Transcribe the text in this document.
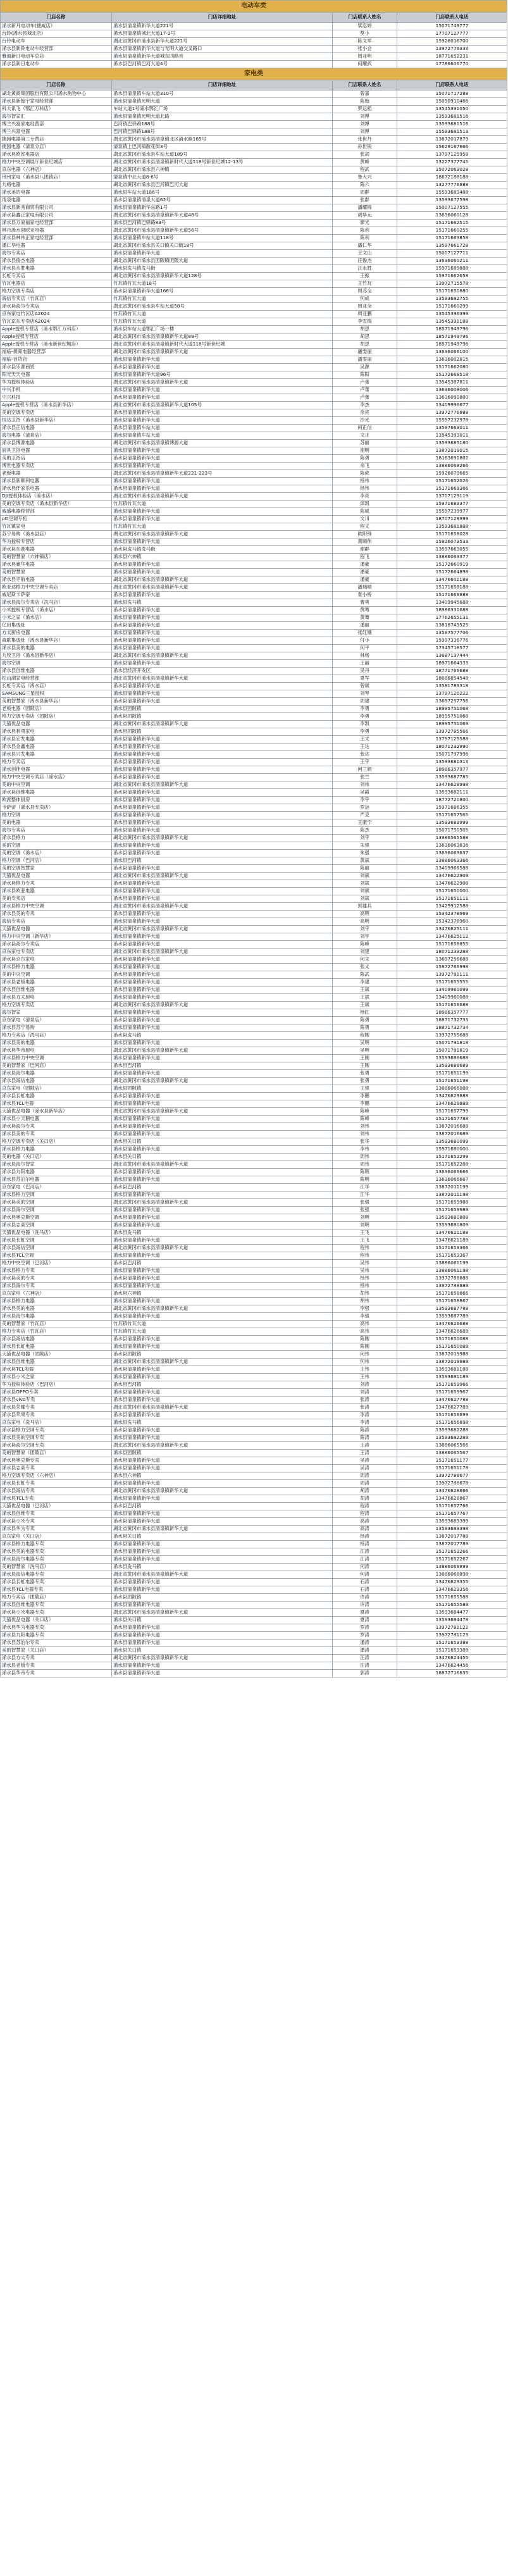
电动车类			
门店名称	门店详细地址	门店联系人姓名	门店联系人电话
浠水新月电动车(捷威店）	浠水县清泉镇新华大道221号	梁忍婷	15071749777
台铃(浠水县城北店)	浠水县清泉镇城北大道17-2号	莫小	17707127777
台铃电动车	湖北省黄冈市浠水县新华大道221号	陈文军	15926016700
浠水县新铃电动车经营部	浠水县清泉镇新华大道与光明大道交叉路口	张小会	13972776333
雅迪新日电动车总店	浠水县清泉镇新华大道城东四路首	周亚明	18771652231
浠水县新日电动车	浠水县巴河镇巴河大道4号	何耀武	17786606770
家电类			
门店名称	门店详细地址	门店联系人姓名	门店联系人电话
湖北黄商集团股份有限公司浠水购物中心	浠水县清泉镇车站大道310号	曾嘉	15071717288
浠水县新翰宇家电经营部	浠水县清泉镇光明大道	陈翰	15090910466
科大讯飞（鄂汇万科店）	车站大道1号浠水鄂汇广场	罗运稻	13545391050
海尔智家汇	浠水县清泉镇光明大道北路	刘博	13593681516
博兰兴富家电经营部	巴河镇巴驿路188号	刘博	13593681516
博兰兴富电器	巴河镇巴驿路188号	刘博	15593681513
捷园电器第二专营店	湖北省黄冈市浠水县清泉镇北区清水路165号	张世丹	13872017879
捷园电器（清泉分店）	清泉镇上巴河镇散花街3号	孙世锐	15629167666
浠水县欧泓电器店	湖北省黄冈市浠水县车站大道189号	张胡	13797125958
格力中央空调展厅新世纪城店	湖北省黄冈市浠水县清泉镇新时代大道118号新世纪城12-13号	黄峰	13227377745
京东电器（六神店）	湖北省黄冈市浠水县六神镇	程武	15072063028
荆州家电（浠水县八团镇店）	清泉镇中北大道8-6号	鲁大兴	18672188188
九格电器	湖北省黄冈市浠水县巴河镇巴河大道	陈六	13277776888
浠水美的电器	浠水县车站大道186号	周群	15593683488
清泉电器	浠水县清泉镇清泉大道62号	张群	13593677598
浠水县新秀商贸有限公司	浠水县清泉镇新华东路1号	潘耀锦	15007127555
浠水县鑫正家电有限公司	湖北省黄冈市浠水县清泉镇新华大道48号	胡华元	13636060128
浠水县万家福家电经营部	浠水县巴河镇巴驿路83号	廖光	15171662515
林丹浠水县欧亚电器	湖北省黄冈市浠水县清泉镇新华大道56号	陈利	15171660255
浠水县林伟正家电经营部	浠水县清泉镇车站大道118号	陈利	15171663858
潘仁华电器	湖北省黄冈市浠水县关口镇关口街18号	潘仁华	13597661728
海尔专卖店	浠水县清泉镇新华大道	王文山	15007127711
浠水县俊杰电器	湖北省黄冈市浠水县团陂镇团陂大道	汪俊杰	13636060211
浠水县永胜电器	浠水县洗马镇洗马街	汪永胜	15971689888
长虹专卖店	湖北省黄冈市浠水县清泉镇新华大道128号	王振	15971662658
竹瓦电器店	竹瓦镇竹瓦大道18号	王竹瓦	13972715578
格力空调专卖店	浠水县清泉镇新华大道166号	周苏全	15171650880
海信专卖店（竹瓦店）	竹瓦镇竹瓦大道	何成	13593682755
浠水县海尔专卖店	湖北省黄冈市浠水县车站大道58号	周亚全	15171660299
京东家电竹瓦店A2024	竹瓦镇竹瓦大道	周亚鹏	13545396399
竹瓦京东专卖店A2024	竹瓦镇竹瓦大道	李雪梅	13545391188
Apple授权专营店（浠水鄂汇万科店）	浠水县车站大道鄂汇广场一楼	胡思	18571949796
Apple授权专营店	湖北省黄冈市浠水县清泉镇新华大道88号	胡思	18571949796
Apple授权专营店（浠水新世纪城店）	湖北省黄冈市浠水县清泉镇新时代大道118号新世纪城	胡思	18571949796
福临-黄商电器经营部	湖北省黄冈市浠水县清泉镇新华大道	潘雯丽	13636066100
福临-百货店	浠水县清泉镇新华大道	潘雯丽	13636002815
浠水县乐源商贸	浠水县清泉镇新华大道	吴源	15171662080
阳光天天电器	浠水县清泉镇新华大道96号	陈阳	15172668518
华为授权体验店	湖北省黄冈市浠水县清泉镇新华大道	卢蕾	13545387811
中兴手机	浠水县清泉镇新华大道	卢蕾	13636008006
中兴科技	浠水县清泉镇新华大道	卢蕾	13636090800
Apple授权专营店（浠水县新华店）	湖北省黄冈市浠水县清泉镇新华大道105号	李杰	13409996677
美的空调专卖店	浠水县清泉镇新华大道	余亮	13972776888
恒达卫浴（浠水县新华店）	浠水县清泉镇新华大道	沙光	15597232978
浠水县正信电器	浠水县清泉镇车站大道	何正信	13597663011
海尔电器（清泉店）	浠水县清泉镇车站大道	文正	13545393011
浠水县博源电器	湖北省黄冈市浠水县清泉镇博源大道	苏丽	13593685180
厨具卫浴电器	浠水县清泉镇新华大道	谢明	13872019015
美的卫浴店	浠水县清泉镇新华大道	陈勇	18163691802
博世电器专卖店	浠水县清泉镇新华大道	余飞	13886068266
老板电器	湖北省黄冈市浠水县清泉镇新华大道221-223号	陈成	15926079665
浠水县新顺利电器	浠水县清泉镇新华大道	杨伟	15171652026
浠水县仟家乐电器	浠水县清泉镇新华大道	杨伟	15171669366
DJI授权体验店（浠水店）	湖北省黄冈市浠水县清泉镇新华大道	李亮	13707129119
美的空调专卖店（浠水县新华店）	竹瓦镇竹瓦大道	邱凯	15971683377
威盛电器经营部	浠水县清泉镇新华大道	陈威	15597239977
pD空调专柜	浠水县清泉镇新华大道	文川	18707129999
竹瓦镇家电	竹瓦镇竹瓦大道	程文	13593681888
苏宁易购（浠水县店）	湖北省黄冈市浠水县清泉镇新华大道	欧阳锋	15171658028
华为授权专营店	浠水县清泉镇新华大道	黄顺伟	15926073533
浠水县东湖电器	浠水县洗马镇洗马街	谢群	13597663055
美的智慧家（六神镇店）	浠水县六神镇	程飞	13886063377
浠水县豪华电器	浠水县清泉镇新华大道	潘豪	15172660919
美的智慧家	浠水县清泉镇新华大道	潘豪	15172664898
浠水县宇航电器	湖北省黄冈市浠水县清泉镇新华大道	潘豪	13476601188
欧亚达格力中央空调专卖店	湖北省黄冈市浠水县清泉镇新华大道	潘瑞晴	15171658188
威尼斯卡萨帝	浠水县清泉镇新华大道	夏小桥	15171668888
浠水县海尔专卖店（洗马店）	浠水县洗马镇	曹爽	13409945688
小米授权专营店（浠水店）	浠水县清泉镇新华大道	黄骞	18986331688
小米之家（浠水店）	浠水县清泉镇新华大道	黄骞	17762655131
亿田集成灶	浠水县清泉镇新华大道	潘丽	13818743525
方太厨房电器	浠水县清泉镇新华大道	张红娥	13597577706
森歌集成灶（浠水县新华店）	浠水县清泉镇新华大道	付小	15997336776
浠水县美的电器	浠水县清泉镇新华大道	何平	17345718577
九牧卫浴（浠水县新华店）	湖北省黄冈市浠水县清泉镇新华大道	林杨	13687137444
海尔空调	浠水县清泉镇新华大道	王丽	18971664333
浠水县创维电器	浠水县经济开发区	吴丹	18771766688
松山湖家电经营部	湖北省黄冈市浠水县清泉镇新华大道	夏军	18086854548
长虹专卖店（浠水店）	浠水县清泉镇新华大道	曾斌	13581783318
SAMSUNG三星授权	浠水县清泉镇新华大道	刘琴	13797120222
美的智慧家（浠水县新华店）	浠水县清泉镇新华大道	周建	13697257756
老板电器（团陂店）	浠水县团陂镇	李勇	18995751068
格力空调专卖店（团陂店）	浠水县团陂镇	李勇	18995751068
天猫优品电器	湖北省黄冈市浠水县清泉镇新华大道	李凯	18995751069
浠水县利勇家电	浠水县团陂镇	李勇	13972785566
浠水县宏发电器	浠水县清泉镇新华大道	王文	13797125588
浠水县金鑫电器	浠水县清泉镇新华大道	王达	18071232990
浠水县兴发电器	浠水县清泉镇新华大道	张达	15071797996
格力专卖店	浠水县清泉镇新华大道	王宇	13593681313
浠水创佳电器	浠水县清泉镇新华大道	何兰娟	18986357977
格力中央空调专卖店（浠水店）	浠水县清泉镇新华大道	张兰	13593687785
美的中央空调	湖北省黄冈市浠水县清泉镇新华大道	刘伟	13476628998
浠水县创维电器	浠水县清泉镇新华大道	吴霞	13593682111
欧派整体厨房	浠水县清泉镇新华大道	李宇	18772720800
卡萨帝（浠水县专卖店）	浠水县清泉镇新华大道	罗运	15971686355
格力空调	浠水县清泉镇新华大道	严克	15171657565
美的电器	浠水县清泉镇新华大道	王康宁	13593689999
海尔专卖店	浠水县清泉镇新华大道	陈杰	15071750505
浠水县格力	湖北省黄冈市浠水县清泉镇新华大道	刘宇	13986565588
美的空调	浠水县清泉镇新华大道	朱强	13636063636
美的空调（浠水店）	浠水县清泉镇新华大道	朱强	13636063637
格力空调（巴河店）	浠水县巴河镇	黄斌	13886063366
美的空调智慧家	浠水县清泉镇新华大道	陈丽	13409966588
天猫优品电器	湖北省黄冈市浠水县清泉镇新华大道	刘斌	13476622909
浠水县格力专卖	浠水县清泉镇新华大道	刘斌	13476622908
浠水县欧亚电器	浠水县清泉镇新华大道	刘斌	15171650000
美的专卖店	浠水县清泉镇新华大道	刘斌	15171651111
浠水县格力中央空调	湖北省黄冈市浠水县清泉镇新华大道	郭建兵	13429912588
浠水县美的专卖	浠水县清泉镇新华大道	高明	15342378969
海信专卖店	浠水县清泉镇新华大道	高明	15342378960
天猫优品电器	湖北省黄冈市浠水县清泉镇新华大道	刘宇	13476625111
格力中央空调（新华店）	浠水县清泉镇新华大道	刘宇	13476625112
浠水县海尔专卖店	浠水县清泉镇新华大道	陈峰	15171658855
京东家电专卖店	湖北省黄冈市浠水县清泉镇新华大道	刘建	18071233288
浠水县京东家电	浠水县清泉镇新华大道	何文	13697256688
浠水县格力电器	浠水县清泉镇新华大道	张义	15972766998
美的中央空调	浠水县清泉镇新华大道	陈武	13972791111
浠水县老板电器	浠水县清泉镇新华大道	李建	15171655555
浠水县创维电器	浠水县清泉镇新华大道	王斌	13409960099
浠水县方太厨电	浠水县清泉镇新华大道	王斌	13409960088
格力空调专卖店	湖北省黄冈市浠水县清泉镇新华大道	王斌	15171656688
海尔智家	浠水县清泉镇新华大道	杨红	18986357777
京东家电（清泉店）	浠水县清泉镇新华大道	陈勇	18871732733
浠水县苏宁易购	浠水县清泉镇新华大道	陈勇	18871732734
格力专卖店（洗马店）	浠水县洗马镇	程刚	13972755688
浠水县美的电器	浠水县清泉镇新华大道	吴明	15071791818
浠水县华帝厨电	湖北省黄冈市浠水县清泉镇新华大道	吴明	15071791819
浠水县格力中央空调	浠水县清泉镇新华大道	王刚	13593686688
美的智慧家（巴河店）	浠水县巴河镇	王刚	13593686689
浠水县海尔电器	浠水县清泉镇新华大道	张勇	15171651199
浠水县海信电器	湖北省黄冈市浠水县清泉镇新华大道	张勇	15171651198
京东家电（团陂店）	浠水县团陂镇	王强	13886066088
浠水县长虹电器	浠水县清泉镇新华大道	李鹏	13476629888
浠水县TCL电器	浠水县清泉镇新华大道	李鹏	13476629889
天猫优品电器（浠水县新华店）	湖北省黄冈市浠水县清泉镇新华大道	陈峰	15171657799
浠水县小天鹅电器	浠水县清泉镇新华大道	陈峰	15171657788
浠水县海尔专卖	浠水县清泉镇新华大道	刘伟	13872016688
浠水县美的专卖	浠水县清泉镇新华大道	刘伟	13872016689
格力空调专卖店（关口店）	浠水县关口镇	张华	13593680099
浠水县格力电器	浠水县清泉镇新华大道	李伟	15971680000
美的电器（关口店）	浠水县关口镇	周伟	15171652299
浠水县海尔智家	湖北省黄冈市浠水县清泉镇新华大道	周伟	15171652288
浠水县九阳电器	浠水县清泉镇新华大道	陈明	13636066666
浠水县苏泊尔电器	浠水县清泉镇新华大道	陈明	13636066667
京东家电（巴河店）	浠水县巴河镇	江华	13872011199
浠水县格力空调	浠水县清泉镇新华大道	江华	13872011198
浠水县美的空调	湖北省黄冈市浠水县清泉镇新华大道	张强	15171659988
浠水县海尔空调	浠水县清泉镇新华大道	张强	15171659989
浠水县奥克斯空调	浠水县清泉镇新华大道	刘明	13593680808
浠水县志高空调	浠水县清泉镇新华大道	刘明	13593680809
天猫优品电器（洗马店）	浠水县洗马镇	王飞	13476621188
浠水县长虹空调	浠水县清泉镇新华大道	王飞	13476621189
浠水县海信空调	湖北省黄冈市浠水县清泉镇新华大道	程伟	15171653366
浠水县TCL空调	浠水县清泉镇新华大道	程伟	15171653367
格力中央空调（巴河店）	浠水县巴河镇	吴伟	13886061199
浠水县格力专卖	浠水县清泉镇新华大道	吴伟	13886061198
浠水县美的专卖	浠水县清泉镇新华大道	杨伟	13972788888
浠水县海尔专卖	浠水县清泉镇新华大道	杨伟	13972788889
京东家电（六神店）	浠水县六神镇	胡伟	15171658866
浠水县格力电器	浠水县清泉镇新华大道	胡伟	15171658867
浠水县美的电器	湖北省黄冈市浠水县清泉镇新华大道	李强	13593687788
浠水县海尔电器	浠水县清泉镇新华大道	李强	13593687789
美的智慧家（竹瓦店）	竹瓦镇竹瓦大道	高伟	13476626688
格力专卖店（竹瓦店）	竹瓦镇竹瓦大道	高伟	13476626689
浠水县海信电器	浠水县清泉镇新华大道	陈刚	15171650088
浠水县长虹电器	浠水县清泉镇新华大道	陈刚	15171650089
天猫优品电器（团陂店）	浠水县团陂镇	何伟	13872019988
浠水县创维电器	湖北省黄冈市浠水县清泉镇新华大道	何伟	13872019989
浠水县TCL电器	浠水县清泉镇新华大道	王伟	13593681188
浠水县小米之家	浠水县清泉镇新华大道	王伟	13593681189
华为授权体验店（巴河店）	浠水县巴河镇	刘涛	15171659966
浠水县OPPO专卖	浠水县清泉镇新华大道	刘涛	15171659967
浠水县vivo专卖	浠水县清泉镇新华大道	张涛	13476627788
浠水县荣耀专卖	湖北省黄冈市浠水县清泉镇新华大道	张涛	13476627789
浠水县苹果专卖	浠水县清泉镇新华大道	李涛	15171656699
京东家电（洗马店）	浠水县洗马镇	李涛	15171656698
浠水县格力空调专卖	浠水县清泉镇新华大道	陈涛	13593682288
浠水县美的空调专卖	浠水县清泉镇新华大道	陈涛	13593682289
浠水县海尔空调专卖	湖北省黄冈市浠水县清泉镇新华大道	王涛	13886065566
美的智慧家（团陂店）	浠水县团陂镇	王涛	13886065567
浠水县奥克斯专卖	浠水县清泉镇新华大道	吴涛	15171651177
浠水县志高专卖	浠水县清泉镇新华大道	吴涛	15171651178
格力空调专卖店（六神店）	浠水县六神镇	周涛	13972786677
浠水县长虹专卖	浠水县清泉镇新华大道	周涛	13972786678
浠水县海信专卖	湖北省黄冈市浠水县清泉镇新华大道	胡涛	13476628866
浠水县TCL专卖	浠水县清泉镇新华大道	胡涛	13476628867
天猫优品电器（巴河店）	浠水县巴河镇	程涛	15171657766
浠水县创维专卖	浠水县清泉镇新华大道	程涛	15171657767
浠水县小米专卖	浠水县清泉镇新华大道	高涛	13593683399
浠水县华为专卖	湖北省黄冈市浠水县清泉镇新华大道	高涛	13593683398
京东家电（关口店）	浠水县关口镇	杨涛	13872017788
浠水县格力电器专卖	浠水县清泉镇新华大道	杨涛	13872017789
浠水县美的电器专卖	浠水县清泉镇新华大道	江涛	15171652266
浠水县海尔电器专卖	浠水县清泉镇新华大道	江涛	15171652267
美的智慧家（洗马店）	浠水县洗马镇	何涛	13886068899
浠水县海信电器专卖	湖北省黄冈市浠水县清泉镇新华大道	何涛	13886068898
浠水县长虹电器专卖	浠水县清泉镇新华大道	石涛	13476623355
浠水县TCL电器专卖	浠水县清泉镇新华大道	石涛	13476623356
格力专卖店（团陂店）	浠水县团陂镇	许涛	15171655588
浠水县创维电器专卖	浠水县清泉镇新华大道	许涛	15171655589
浠水县小米电器专卖	湖北省黄冈市浠水县清泉镇新华大道	夏涛	13593684477
天猫优品电器（关口店）	浠水县关口镇	夏涛	13593684478
浠水县华为电器专卖	浠水县清泉镇新华大道	罗涛	13972781122
浠水县九阳电器专卖	浠水县清泉镇新华大道	罗涛	13972781123
浠水县苏泊尔专卖	浠水县清泉镇新华大道	潘涛	15171653388
美的智慧家（关口店）	浠水县关口镇	潘涛	15171653389
浠水县方太专卖	湖北省黄冈市浠水县清泉镇新华大道	汪涛	13476624455
浠水县老板专卖	浠水县清泉镇新华大道	汪涛	13476624456
浠水县华帝专卖	浠水县清泉镇新华大道	郭涛	18872716635
